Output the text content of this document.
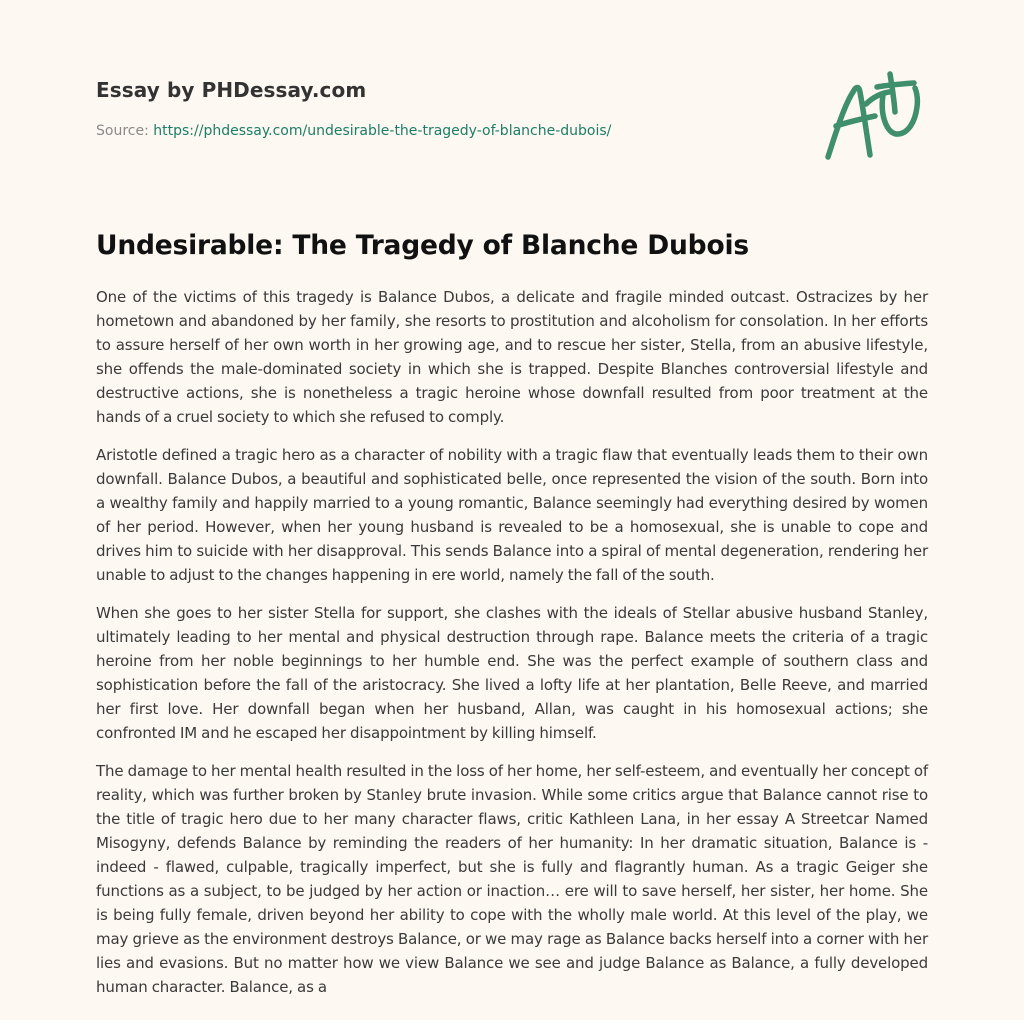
Essay by PHDessay.com
Source: https://phdessay.com/undesirable-the-tragedy-of-blanche-dubois/
Undesirable: The Tragedy of Blanche Dubois

One of the victims of this tragedy is Balance Dubos, a delicate and fragile minded outcast. Ostracizes by her hometown and abandoned by her family, she resorts to prostitution and alcoholism for consolation. In her efforts to assure herself of her own worth in her growing age, and to rescue her sister, Stella, from an abusive lifestyle, she offends the male-dominated society in which she is trapped. Despite Blanches controversial lifestyle and destructive actions, she is nonetheless a tragic heroine whose downfall resulted from poor treatment at the hands of a cruel society to which she refused to comply.

Aristotle defined a tragic hero as a character of nobility with a tragic flaw that eventually leads them to their own downfall. Balance Dubos, a beautiful and sophisticated belle, once represented the vision of the south. Born into a wealthy family and happily married to a young romantic, Balance seemingly had everything desired by women of her period. However, when her young husband is revealed to be a homosexual, she is unable to cope and drives him to suicide with her disapproval. This sends Balance into a spiral of mental degeneration, rendering her unable to adjust to the changes happening in ere world, namely the fall of the south.

When she goes to her sister Stella for support, she clashes with the ideals of Stellar abusive husband Stanley, ultimately leading to her mental and physical destruction through rape. Balance meets the criteria of a tragic heroine from her noble beginnings to her humble end. She was the perfect example of southern class and sophistication before the fall of the aristocracy. She lived a lofty life at her plantation, Belle Reeve, and married her first love. Her downfall began when her husband, Allan, was caught in his homosexual actions; she confronted IM and he escaped her disappointment by killing himself.

The damage to her mental health resulted in the loss of her home, her self-esteem, and eventually her concept of reality, which was further broken by Stanley brute invasion. While some critics argue that Balance cannot rise to the title of tragic hero due to her many character flaws, critic Kathleen Lana, in her essay A Streetcar Named Misogyny, defends Balance by reminding the readers of her humanity: In her dramatic situation, Balance is - indeed - flawed, culpable, tragically imperfect, but she is fully and flagrantly human. As a tragic Geiger she functions as a subject, to be judged by her action or inaction… ere will to save herself, her sister, her home. She is being fully female, driven beyond her ability to cope with the wholly male world. At this level of the play, we may grieve as the environment destroys Balance, or we may rage as Balance backs herself into a corner with her lies and evasions. But no matter how we view Balance we see and judge Balance as Balance, a fully developed human character. Balance, as a
